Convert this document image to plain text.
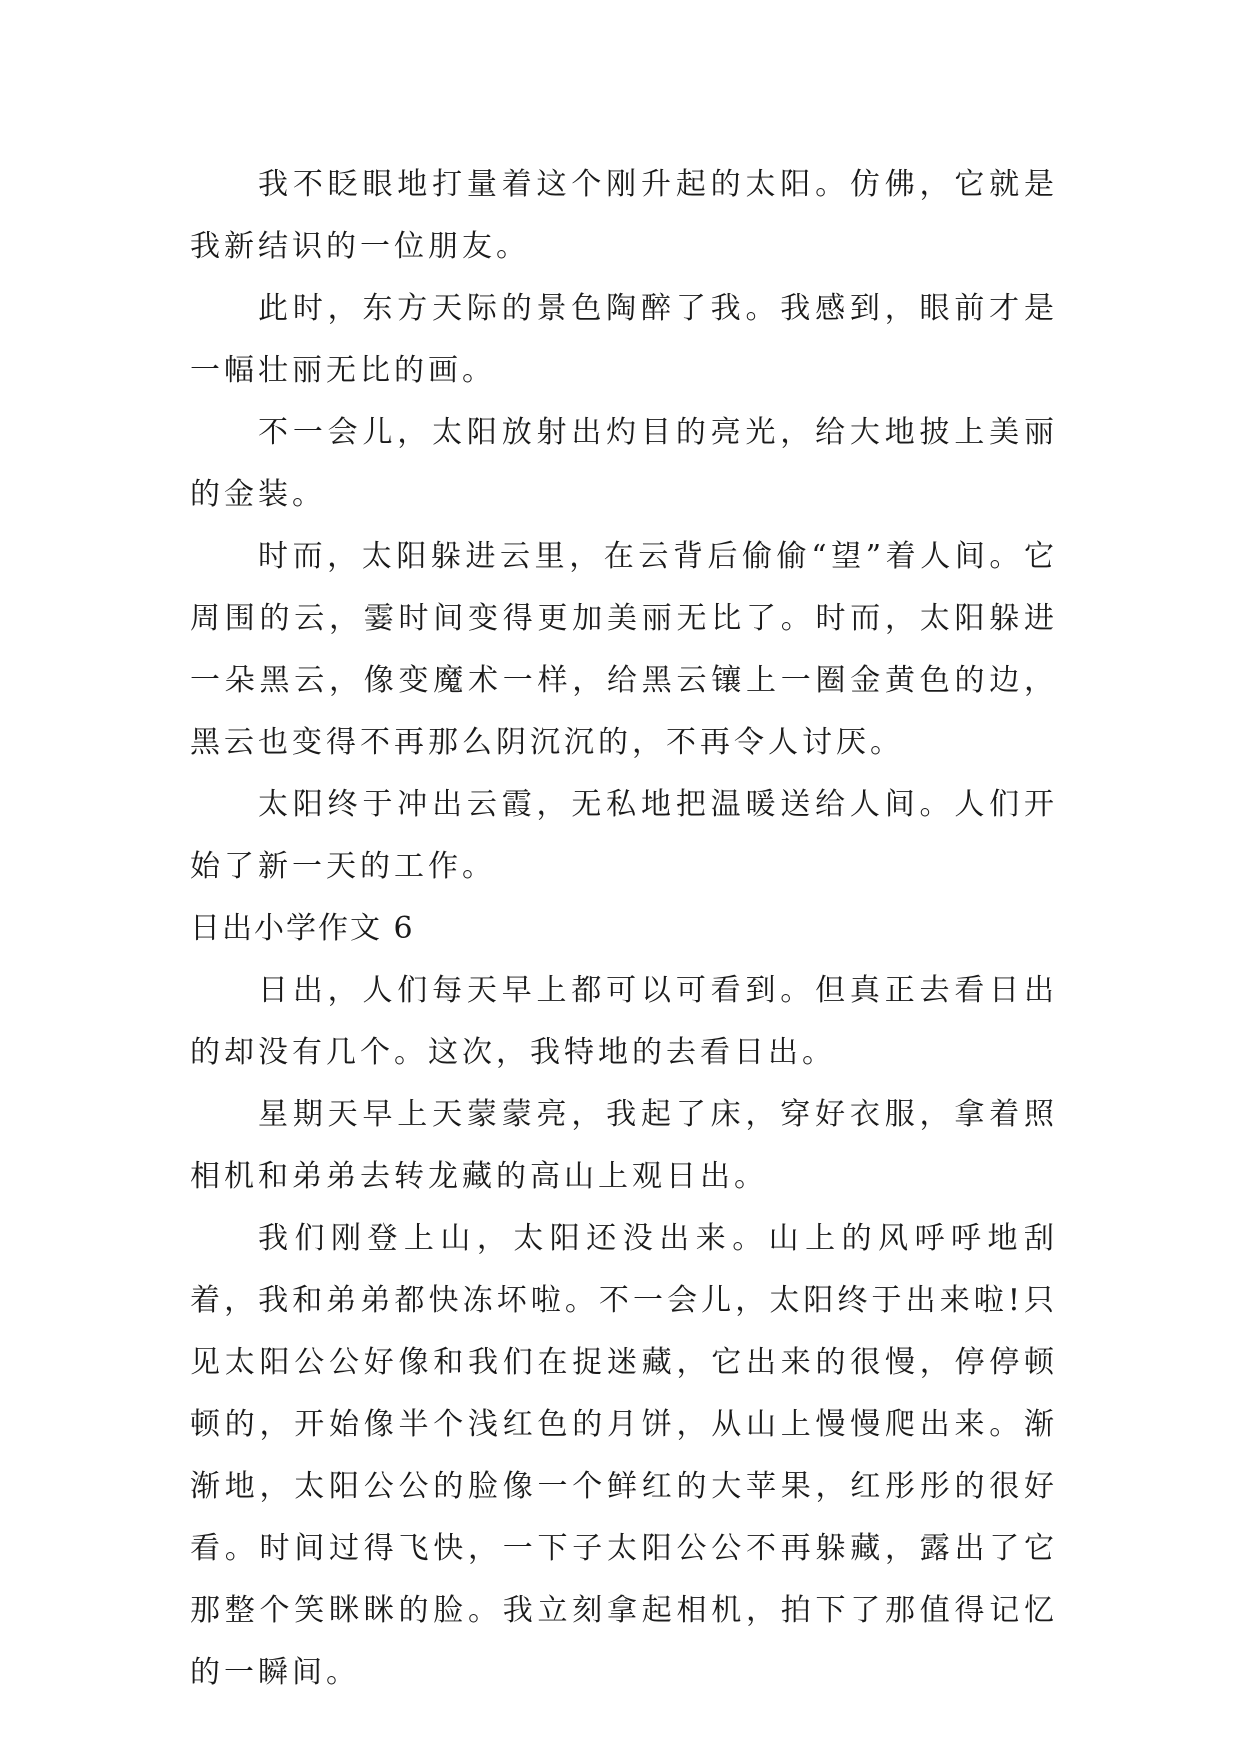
我不眨眼地打量着这个刚升起的太阳。仿佛，它就是我新结识的一位朋友。

此时，东方天际的景色陶醉了我。我感到，眼前才是一幅壮丽无比的画。

不一会儿，太阳放射出灼目的亮光，给大地披上美丽的金装。

时而，太阳躲进云里，在云背后偷偷“望”着人间。它周围的云，霎时间变得更加美丽无比了。时而，太阳躲进一朵黑云，像变魔术一样，给黑云镶上一圈金黄色的边，黑云也变得不再那么阴沉沉的，不再令人讨厌。

太阳终于冲出云霞，无私地把温暖送给人间。人们开始了新一天的工作。

日出小学作文 6

日出，人们每天早上都可以可看到。但真正去看日出的却没有几个。这次，我特地的去看日出。

星期天早上天蒙蒙亮，我起了床，穿好衣服，拿着照相机和弟弟去转龙藏的高山上观日出。

我们刚登上山，太阳还没出来。山上的风呼呼地刮着，我和弟弟都快冻坏啦。不一会儿，太阳终于出来啦!只见太阳公公好像和我们在捉迷藏，它出来的很慢，停停顿顿的，开始像半个浅红色的月饼，从山上慢慢爬出来。渐渐地，太阳公公的脸像一个鲜红的大苹果，红彤彤的很好看。时间过得飞快，一下子太阳公公不再躲藏，露出了它那整个笑眯眯的脸。我立刻拿起相机，拍下了那值得记忆的一瞬间。
